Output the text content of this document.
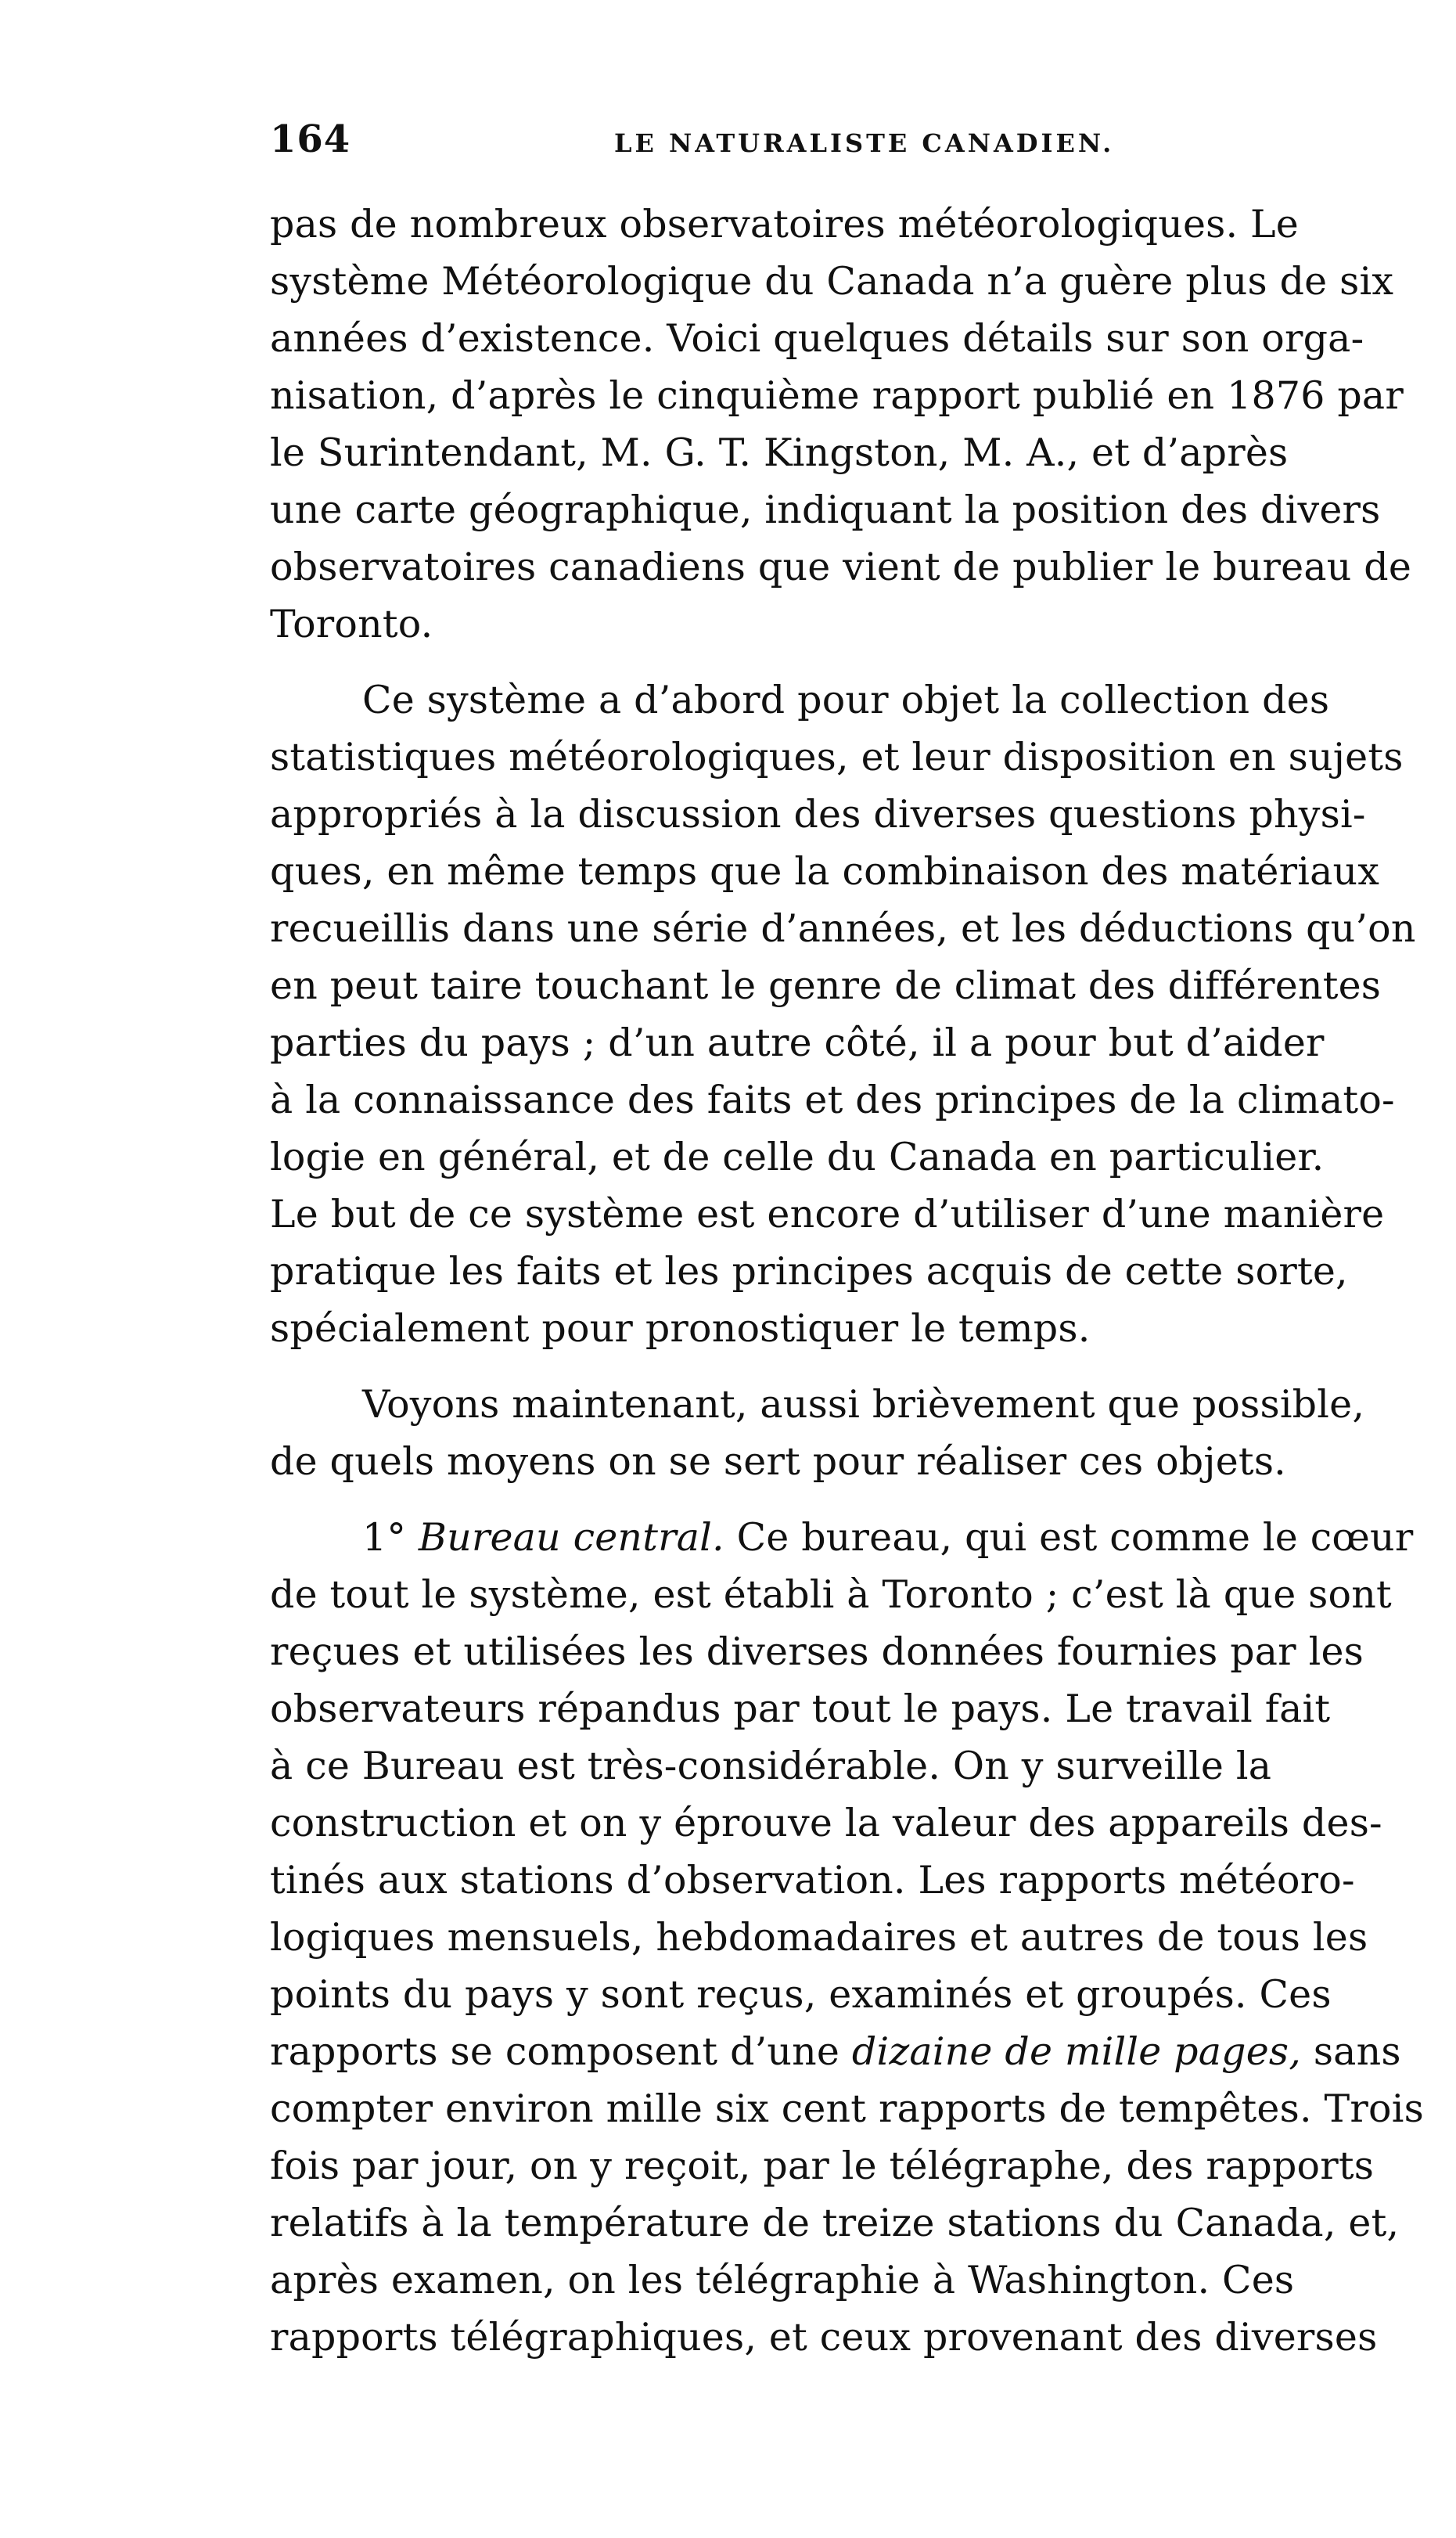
164	LE NATURALISTE CANADIEN.

pas de nombreux observatoires météorologiques. Le
système Météorologique du Canada n’a guère plus de six
années d’existence. Voici quelques détails sur son orga-
nisation, d’après le cinquième rapport publié en 1876 par
le Surintendant, M. G. T. Kingston, M. A., et d’après
une carte géographique, indiquant la position des divers
observatoires canadiens que vient de publier le bureau de
Toronto.

Ce système a d’abord pour objet la collection des
statistiques météorologiques, et leur disposition en sujets
appropriés à la discussion des diverses questions physi-
ques, en même temps que la combinaison des matériaux
recueillis dans une série d’années, et les déductions qu’on
en peut taire touchant le genre de climat des différentes
parties du pays ; d’un autre côté, il a pour but d’aider
à la connaissance des faits et des principes de la climato-
logie en général, et de celle du Canada en particulier.
Le but de ce système est encore d’utiliser d’une manière
pratique les faits et les principes acquis de cette sorte,
spécialement pour pronostiquer le temps.

Voyons maintenant, aussi brièvement que possible,
de quels moyens on se sert pour réaliser ces objets.

1° Bureau central. Ce bureau, qui est comme le cœur
de tout le système, est établi à Toronto ; c’est là que sont
reçues et utilisées les diverses données fournies par les
observateurs répandus par tout le pays. Le travail fait
à ce Bureau est très-considérable. On y surveille la
construction et on y éprouve la valeur des appareils des-
tinés aux stations d’observation. Les rapports météoro-
logiques mensuels, hebdomadaires et autres de tous les
points du pays y sont reçus, examinés et groupés. Ces
rapports se composent d’une dizaine de mille pages, sans
compter environ mille six cent rapports de tempêtes. Trois
fois par jour, on y reçoit, par le télégraphe, des rapports
relatifs à la température de treize stations du Canada, et,
après examen, on les télégraphie à Washington. Ces
rapports télégraphiques, et ceux provenant des diverses
